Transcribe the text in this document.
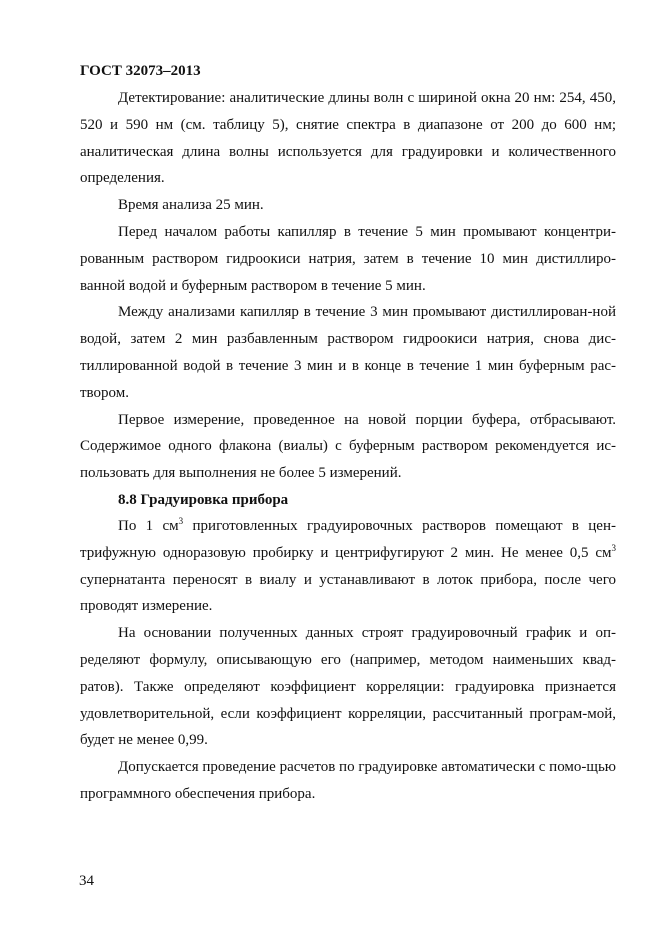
ГОСТ 32073–2013

Детектирование: аналитические длины волн с шириной окна 20 нм: 254, 450, 520 и 590 нм (см. таблицу 5), снятие спектра в диапазоне от 200 до 600 нм; аналитическая длина волны используется для градуировки и количественного определения.

Время анализа 25 мин.

Перед началом работы капилляр в течение 5 мин промывают концентри-рованным раствором гидроокиси натрия, затем в течение 10 мин дистиллиро-ванной водой и буферным раствором в течение 5 мин.

Между анализами капилляр в течение 3 мин промывают дистиллирован-ной водой, затем 2 мин разбавленным раствором гидроокиси натрия, снова дис-тиллированной водой в течение 3 мин и в конце в течение 1 мин буферным рас-твором.

Первое измерение, проведенное на новой порции буфера, отбрасывают. Содержимое одного флакона (виалы) с буферным раствором рекомендуется ис-пользовать для выполнения не более 5 измерений.

8.8 Градуировка прибора

По 1 $см^3$ приготовленных градуировочных растворов помещают в цен-трифужную одноразовую пробирку и центрифугируют 2 мин. Не менее 0,5 $см^3$ супернатанта переносят в виалу и устанавливают в лоток прибора, после чего проводят измерение.

На основании полученных данных строят градуировочный график и оп-ределяют формулу, описывающую его (например, методом наименьших квад-ратов). Также определяют коэффициент корреляции: градуировка признается удовлетворительной, если коэффициент корреляции, рассчитанный програм-мой, будет не менее 0,99.

Допускается проведение расчетов по градуировке автоматически с помо-щью программного обеспечения прибора.

34
